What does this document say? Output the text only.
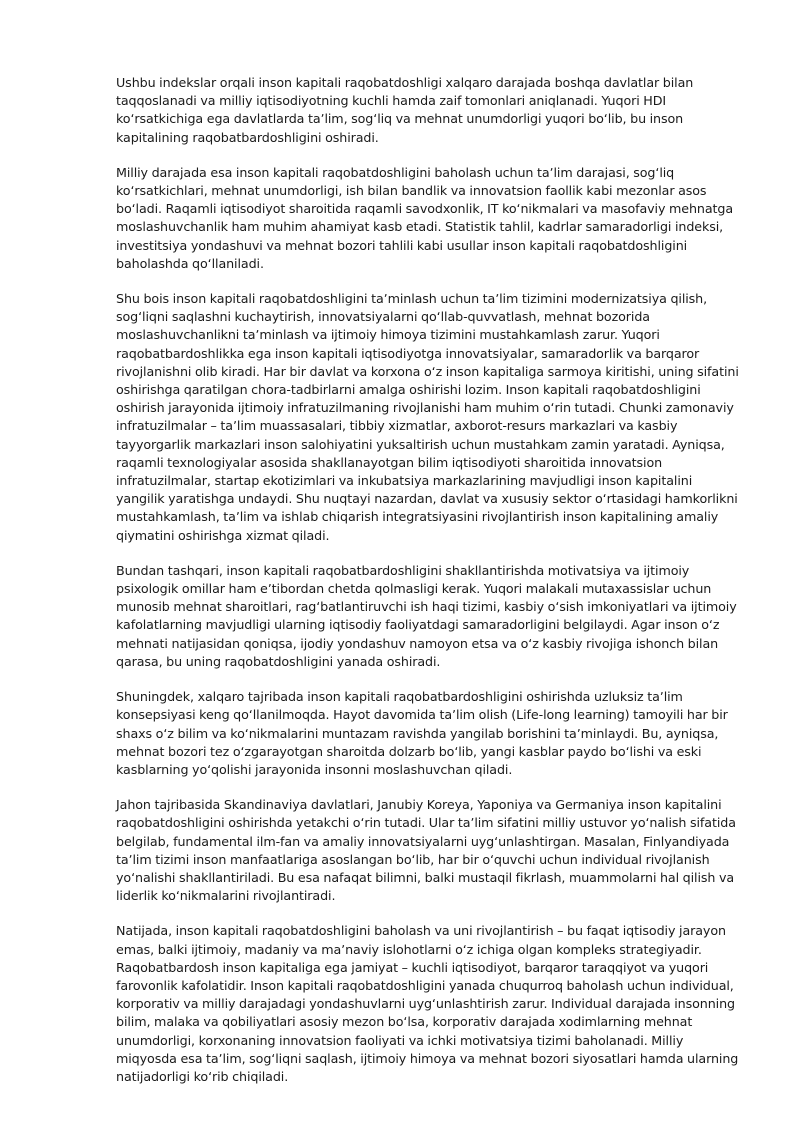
Ushbu indekslar orqali inson kapitali raqobatdoshligi xalqaro darajada boshqa davlatlar bilan taqqoslanadi va milliy iqtisodiyotning kuchli hamda zaif tomonlari aniqlanadi. Yuqori HDI koʻrsatkichiga ega davlatlarda taʼlim, sogʻliq va mehnat unumdorligi yuqori boʻlib, bu inson kapitalining raqobatbardoshligini oshiradi.

Milliy darajada esa inson kapitali raqobatdoshligini baholash uchun taʼlim darajasi, sogʻliq koʻrsatkichlari, mehnat unumdorligi, ish bilan bandlik va innovatsion faollik kabi mezonlar asos boʻladi. Raqamli iqtisodiyot sharoitida raqamli savodxonlik, IT koʻnikmalari va masofaviy mehnatga moslashuvchanlik ham muhim ahamiyat kasb etadi. Statistik tahlil, kadrlar samaradorligi indeksi, investitsiya yondashuvi va mehnat bozori tahlili kabi usullar inson kapitali raqobatdoshligini baholashda qoʻllaniladi.

Shu bois inson kapitali raqobatdoshligini taʼminlash uchun taʼlim tizimini modernizatsiya qilish, sogʻliqni saqlashni kuchaytirish, innovatsiyalarni qoʻllab-quvvatlash, mehnat bozorida moslashuvchanlikni taʼminlash va ijtimoiy himoya tizimini mustahkamlash zarur. Yuqori raqobatbardoshlikka ega inson kapitali iqtisodiyotga innovatsiyalar, samaradorlik va barqaror rivojlanishni olib kiradi. Har bir davlat va korxona oʻz inson kapitaliga sarmoya kiritishi, uning sifatini oshirishga qaratilgan chora-tadbirlarni amalga oshirishi lozim. Inson kapitali raqobatdoshligini oshirish jarayonida ijtimoiy infratuzilmaning rivojlanishi ham muhim oʻrin tutadi. Chunki zamonaviy infratuzilmalar – taʼlim muassasalari, tibbiy xizmatlar, axborot-resurs markazlari va kasbiy tayyorgarlik markazlari inson salohiyatini yuksaltirish uchun mustahkam zamin yaratadi. Ayniqsa, raqamli texnologiyalar asosida shakllanayotgan bilim iqtisodiyoti sharoitida innovatsion infratuzilmalar, startap ekotizimlari va inkubatsiya markazlarining mavjudligi inson kapitalini yangilik yaratishga undaydi. Shu nuqtayi nazardan, davlat va xususiy sektor oʻrtasidagi hamkorlikni mustahkamlash, taʼlim va ishlab chiqarish integratsiyasini rivojlantirish inson kapitalining amaliy qiymatini oshirishga xizmat qiladi.

Bundan tashqari, inson kapitali raqobatbardoshligini shakllantirishda motivatsiya va ijtimoiy psixologik omillar ham eʼtibordan chetda qolmasligi kerak. Yuqori malakali mutaxassislar uchun munosib mehnat sharoitlari, ragʻbatlantiruvchi ish haqi tizimi, kasbiy oʻsish imkoniyatlari va ijtimoiy kafolatlarning mavjudligi ularning iqtisodiy faoliyatdagi samaradorligini belgilaydi. Agar inson oʻz mehnati natijasidan qoniqsa, ijodiy yondashuv namoyon etsa va oʻz kasbiy rivojiga ishonch bilan qarasa, bu uning raqobatdoshligini yanada oshiradi.

Shuningdek, xalqaro tajribada inson kapitali raqobatbardoshligini oshirishda uzluksiz taʼlim konsepsiyasi keng qoʻllanilmoqda. Hayot davomida taʼlim olish (Life-long learning) tamoyili har bir shaxs oʻz bilim va koʻnikmalarini muntazam ravishda yangilab borishini taʼminlaydi. Bu, ayniqsa, mehnat bozori tez oʻzgarayotgan sharoitda dolzarb boʻlib, yangi kasblar paydo boʻlishi va eski kasblarning yoʻqolishi jarayonida insonni moslashuvchan qiladi.

Jahon tajribasida Skandinaviya davlatlari, Janubiy Koreya, Yaponiya va Germaniya inson kapitalini raqobatdoshligini oshirishda yetakchi oʻrin tutadi. Ular taʼlim sifatini milliy ustuvor yoʻnalish sifatida belgilab, fundamental ilm-fan va amaliy innovatsiyalarni uygʻunlashtirgan. Masalan, Finlyandiyada taʼlim tizimi inson manfaatlariga asoslangan boʻlib, har bir oʻquvchi uchun individual rivojlanish yoʻnalishi shakllantiriladi. Bu esa nafaqat bilimni, balki mustaqil fikrlash, muammolarni hal qilish va liderlik koʻnikmalarini rivojlantiradi.

Natijada, inson kapitali raqobatdoshligini baholash va uni rivojlantirish – bu faqat iqtisodiy jarayon emas, balki ijtimoiy, madaniy va maʼnaviy islohotlarni oʻz ichiga olgan kompleks strategiyadir. Raqobatbardosh inson kapitaliga ega jamiyat – kuchli iqtisodiyot, barqaror taraqqiyot va yuqori farovonlik kafolatidir. Inson kapitali raqobatdoshligini yanada chuqurroq baholash uchun individual, korporativ va milliy darajadagi yondashuvlarni uygʻunlashtirish zarur. Individual darajada insonning bilim, malaka va qobiliyatlari asosiy mezon boʻlsa, korporativ darajada xodimlarning mehnat unumdorligi, korxonaning innovatsion faoliyati va ichki motivatsiya tizimi baholanadi. Milliy miqyosda esa taʼlim, sogʻliqni saqlash, ijtimoiy himoya va mehnat bozori siyosatlari hamda ularning natijadorligi koʻrib chiqiladi.
